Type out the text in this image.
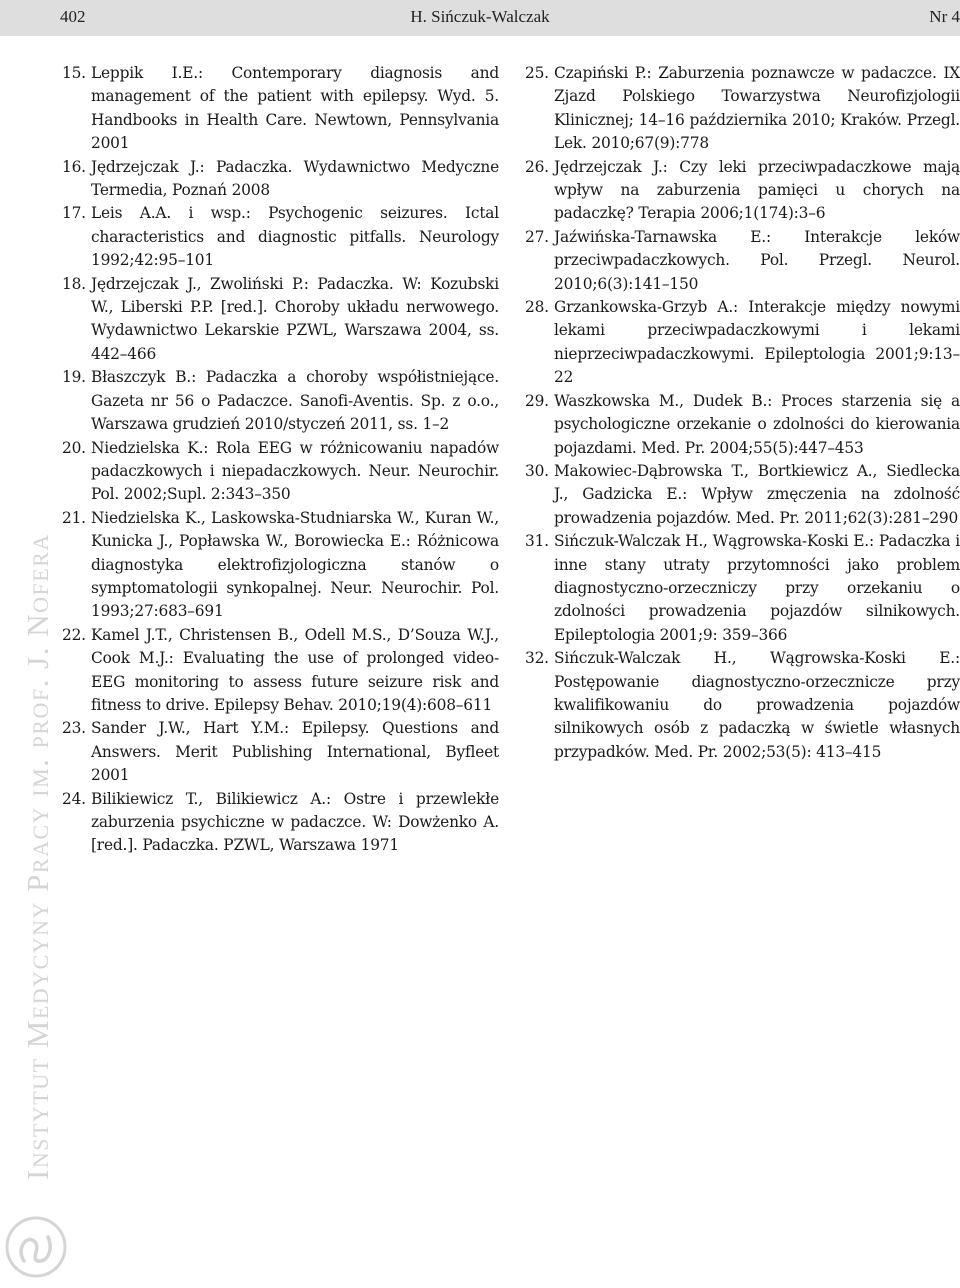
402	H. Sińczuk-Walczak	Nr 4
15. Leppik I.E.: Contemporary diagnosis and management of the patient with epilepsy. Wyd. 5. Handbooks in Health Care. Newtown, Pennsylvania 2001
16. Jędrzejczak J.: Padaczka. Wydawnictwo Medyczne Termedia, Poznań 2008
17. Leis A.A. i wsp.: Psychogenic seizures. Ictal characteristics and diagnostic pitfalls. Neurology 1992;42:95–101
18. Jędrzejczak J., Zwoliński P.: Padaczka. W: Kozubski W., Liberski P.P. [red.]. Choroby układu nerwowego. Wydawnictwo Lekarskie PZWL, Warszawa 2004, ss. 442–466
19. Błaszczyk B.: Padaczka a choroby współistniejące. Gazeta nr 56 o Padaczce. Sanofi-Aventis. Sp. z o.o., Warszawa grudzień 2010/styczeń 2011, ss. 1–2
20. Niedzielska K.: Rola EEG w różnicowaniu napadów padaczkowych i niepadaczkowych. Neur. Neurochir. Pol. 2002;Supl. 2:343–350
21. Niedzielska K., Laskowska-Studniarska W., Kuran W., Kunicka J., Popławska W., Borowiecka E.: Różnicowa diagnostyka elektrofizjologiczna stanów o symptomatologii synkopalnej. Neur. Neurochir. Pol. 1993;27:683–691
22. Kamel J.T., Christensen B., Odell M.S., D’Souza W.J., Cook M.J.: Evaluating the use of prolonged video-EEG monitoring to assess future seizure risk and fitness to drive. Epilepsy Behav. 2010;19(4):608–611
23. Sander J.W., Hart Y.M.: Epilepsy. Questions and Answers. Merit Publishing International, Byfleet 2001
24. Bilikiewicz T., Bilikiewicz A.: Ostre i przewlekłe zaburzenia psychiczne w padaczce. W: Dowżenko A. [red.]. Padaczka. PZWL, Warszawa 1971
25. Czapiński P.: Zaburzenia poznawcze w padaczce. IX Zjazd Polskiego Towarzystwa Neurofizjologii Klinicznej; 14–16 października 2010; Kraków. Przegl. Lek. 2010;67(9):778
26. Jędrzejczak J.: Czy leki przeciwpadaczkowe mają wpływ na zaburzenia pamięci u chorych na padaczkę? Terapia 2006;1(174):3–6
27. Jaźwińska-Tarnawska E.: Interakcje leków przeciwpadaczkowych. Pol. Przegl. Neurol. 2010;6(3):141–150
28. Grzankowska-Grzyb A.: Interakcje między nowymi lekami przeciwpadaczkowymi i lekami nieprzeciwpadaczkowymi. Epileptologia 2001;9:13–22
29. Waszkowska M., Dudek B.: Proces starzenia się a psychologiczne orzekanie o zdolności do kierowania pojazdami. Med. Pr. 2004;55(5):447–453
30. Makowiec-Dąbrowska T., Bortkiewicz A., Siedlecka J., Gadzicka E.: Wpływ zmęczenia na zdolność prowadzenia pojazdów. Med. Pr. 2011;62(3):281–290
31. Sińczuk-Walczak H., Wągrowska-Koski E.: Padaczka i inne stany utraty przytomności jako problem diagnostyczno-orzeczniczy przy orzekaniu o zdolności prowadzenia pojazdów silnikowych. Epileptologia 2001;9: 359–366
32. Sińczuk-Walczak H., Wągrowska-Koski E.: Postępowanie diagnostyczno-orzecznicze przy kwalifikowaniu do prowadzenia pojazdów silnikowych osób z padaczką w świetle własnych przypadków. Med. Pr. 2002;53(5): 413–415
Instytut Medycyny Pracy im. prof. J. Nofera
